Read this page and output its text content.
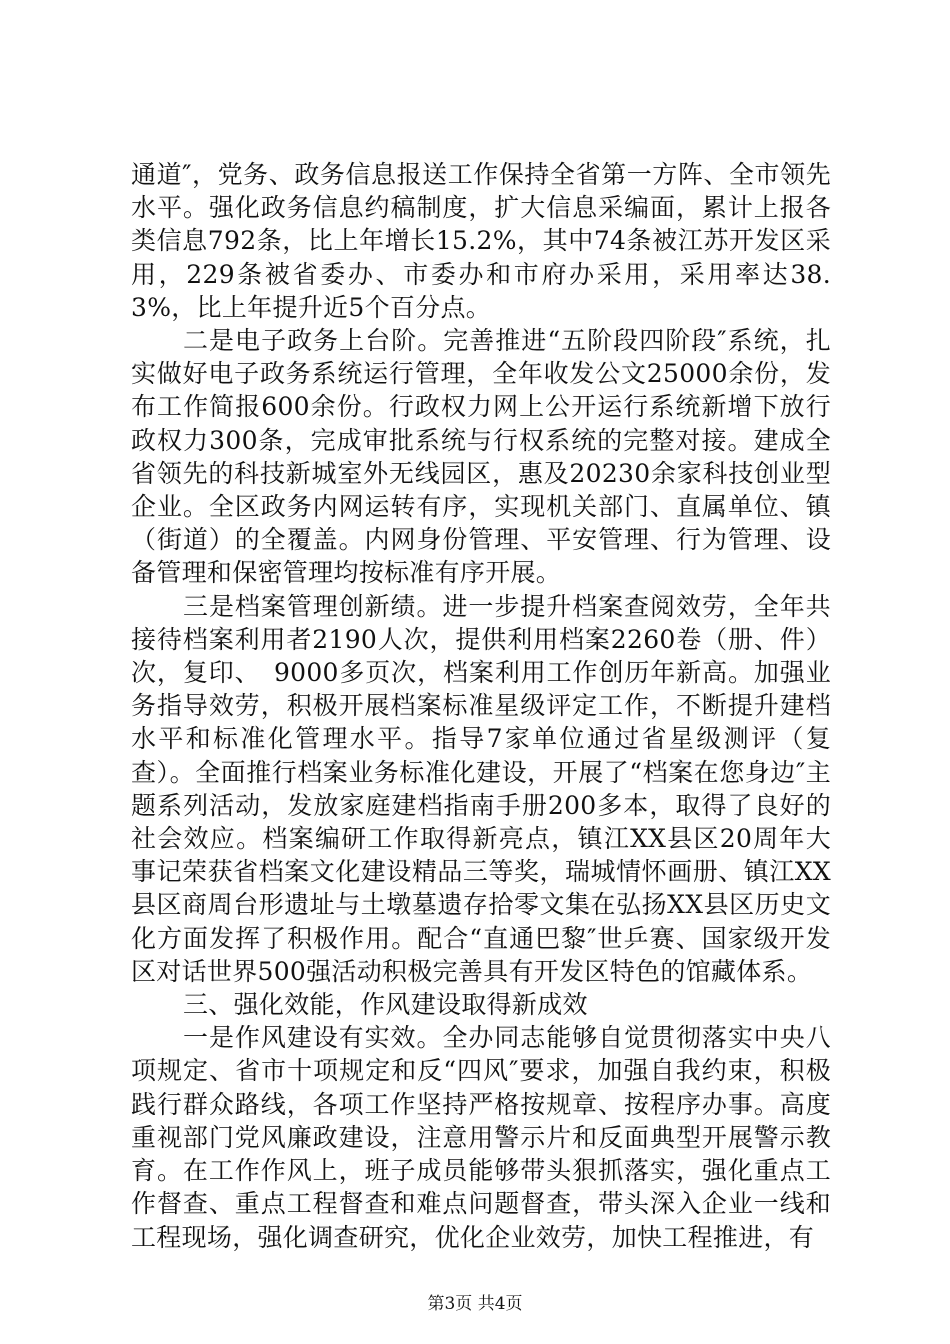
通道″，党务、政务信息报送工作保持全省第一方阵、全市领先水平。强化政务信息约稿制度，扩大信息采编面，累计上报各类信息792条，比上年增长15.2%，其中74条被江苏开发区采用，229条被省委办、市委办和市府办采用，采用率达38.3%，比上年提升近5个百分点。

二是电子政务上台阶。完善推进“五阶段四阶段″系统，扎实做好电子政务系统运行管理，全年收发公文25000余份，发布工作简报600余份。行政权力网上公开运行系统新增下放行政权力300条，完成审批系统与行权系统的完整对接。建成全省领先的科技新城室外无线园区，惠及20230余家科技创业型企业。全区政务内网运转有序，实现机关部门、直属单位、镇（街道）的全覆盖。内网身份管理、平安管理、行为管理、设备管理和保密管理均按标准有序开展。

三是档案管理创新绩。进一步提升档案查阅效劳，全年共接待档案利用者2190人次，提供利用档案2260卷（册、件）次，复印、　9000多页次，档案利用工作创历年新高。加强业务指导效劳，积极开展档案标准星级评定工作，不断提升建档水平和标准化管理水平。指导7家单位通过省星级测评（复查）。全面推行档案业务标准化建设，开展了“档案在您身边″主题系列活动，发放家庭建档指南手册200多本，取得了良好的社会效应。档案编研工作取得新亮点，镇江XX县区20周年大事记荣获省档案文化建设精品三等奖，瑞城情怀画册、镇江XX县区商周台形遗址与土墩墓遗存拾零文集在弘扬XX县区历史文化方面发挥了积极作用。配合“直通巴黎″世乒赛、国家级开发区对话世界500强活动积极完善具有开发区特色的馆藏体系。

三、强化效能，作风建设取得新成效

一是作风建设有实效。全办同志能够自觉贯彻落实中央八项规定、省市十项规定和反“四风″要求，加强自我约束，积极践行群众路线，各项工作坚持严格按规章、按程序办事。高度重视部门党风廉政建设，注意用警示片和反面典型开展警示教育。在工作作风上，班子成员能够带头狠抓落实，强化重点工作督查、重点工程督查和难点问题督查，带头深入企业一线和工程现场，强化调查研究，优化企业效劳，加快工程推进，有

第3页 共4页
